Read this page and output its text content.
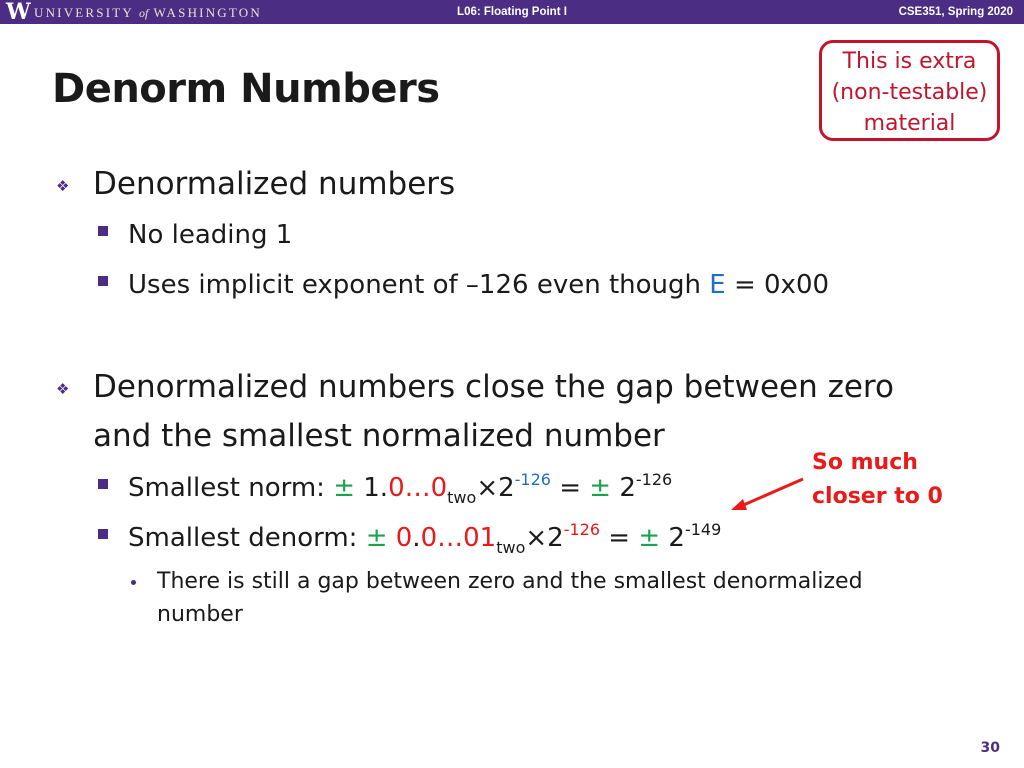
W UNIVERSITY of WASHINGTON	L06: Floating Point I	CSE351, Spring 2020
Denorm Numbers
This is extra
(non-testable)
material
❖ Denormalized numbers
No leading 1
Uses implicit exponent of –126 even though E = 0x00
❖ Denormalized numbers close the gap between zero
and the smallest normalized number
Smallest norm: ± $1.0\dots 0_{two}\times 2^{-126}$ = ± $2^{-126}$
Smallest denorm: ± $0.0\dots 01_{two}\times 2^{-126}$ = ± $2^{-149}$
There is still a gap between zero and the smallest denormalized
number
So much
closer to 0
30
